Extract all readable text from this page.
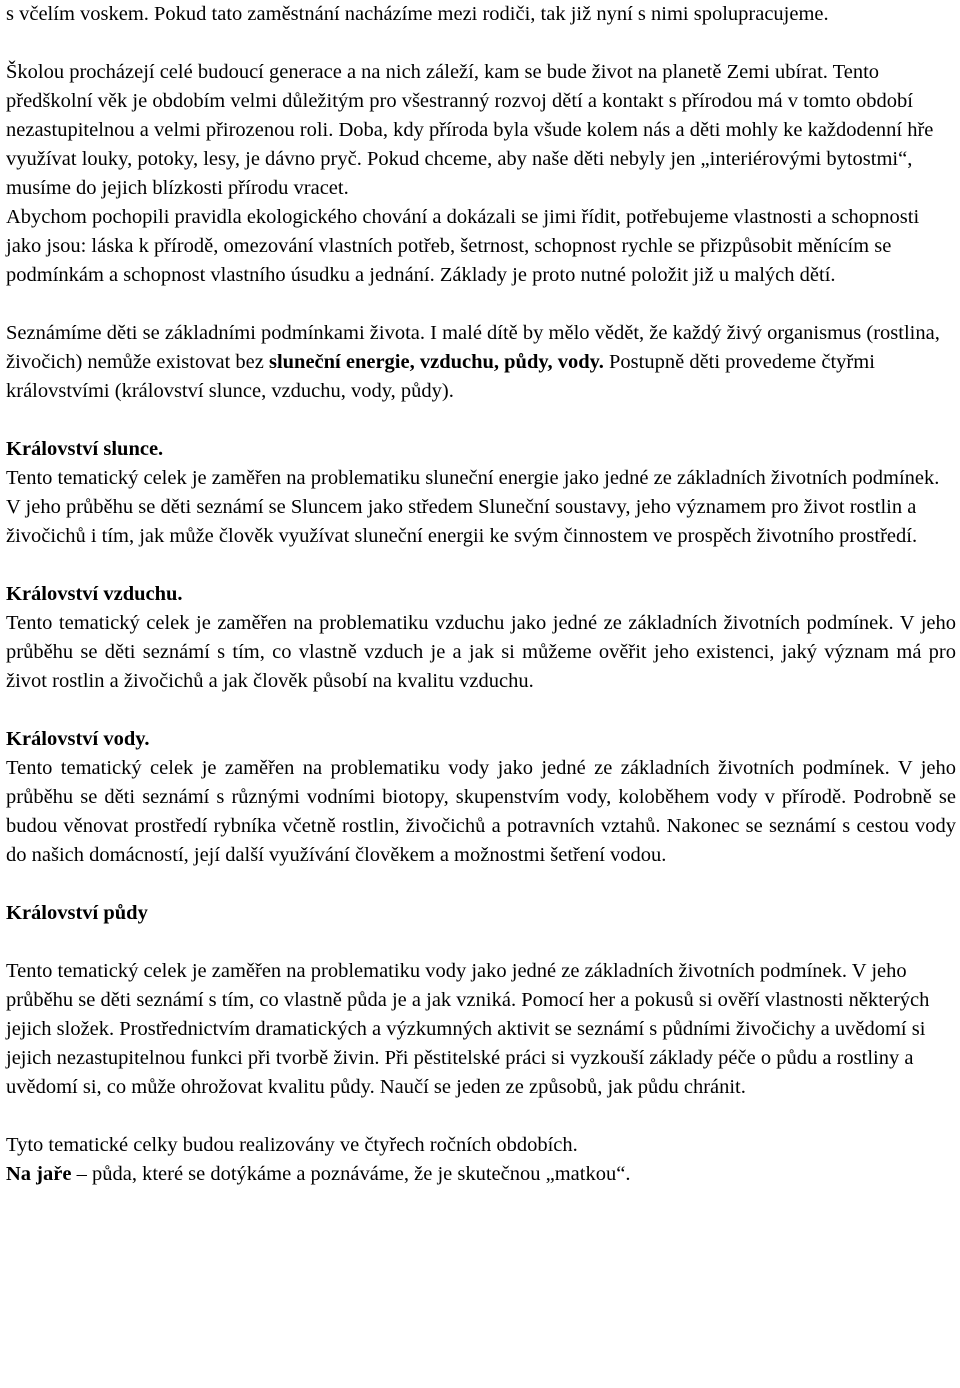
s včelím voskem. Pokud tato zaměstnání nacházíme mezi rodiči, tak již nyní s nimi spolupracujeme.

Školou procházejí celé budoucí generace a na nich záleží, kam se bude život na planetě Zemi ubírat. Tento předškolní věk je obdobím velmi důležitým pro všestranný rozvoj dětí a kontakt s přírodou má v tomto období nezastupitelnou a velmi přirozenou roli. Doba, kdy příroda byla všude kolem nás a děti mohly ke každodenní hře využívat louky, potoky, lesy, je dávno pryč. Pokud chceme, aby naše děti nebyly jen „interiérovými bytostmi“, musíme do jejich blízkosti přírodu vracet.

Abychom pochopili pravidla ekologického chování a dokázali se jimi řídit, potřebujeme vlastnosti a schopnosti jako jsou: láska k přírodě, omezování vlastních potřeb, šetrnost, schopnost rychle se přizpůsobit měnícím se podmínkám a schopnost vlastního úsudku a jednání. Základy je proto nutné položit již u malých dětí.

Seznámíme děti se základními podmínkami života. I malé dítě by mělo vědět, že každý živý organismus (rostlina, živočich) nemůže existovat bez sluneční energie, vzduchu, půdy, vody. Postupně děti provedeme čtyřmi královstvími (království slunce, vzduchu, vody, půdy).

Království slunce.

Tento tematický celek je zaměřen na problematiku sluneční energie jako jedné ze základních životních podmínek. V jeho průběhu se děti seznámí se Sluncem jako středem Sluneční soustavy, jeho významem pro život rostlin a živočichů i tím, jak může člověk využívat sluneční energii ke svým činnostem ve prospěch životního prostředí.

Království vzduchu.

Tento tematický celek je zaměřen na problematiku vzduchu jako jedné ze základních životních podmínek. V jeho průběhu se děti seznámí s tím, co vlastně vzduch je a jak si můžeme ověřit jeho existenci, jaký význam má pro život rostlin a živočichů a jak člověk působí na kvalitu vzduchu.

Království vody.

Tento tematický celek je zaměřen na problematiku vody jako jedné ze základních životních podmínek. V jeho průběhu se děti seznámí s různými vodními biotopy, skupenstvím vody, koloběhem vody v přírodě. Podrobně se budou věnovat prostředí rybníka včetně rostlin, živočichů a potravních vztahů. Nakonec se seznámí s cestou vody do našich domácností, její další využívání člověkem a možnostmi šetření vodou.

Království půdy

Tento tematický celek je zaměřen na problematiku vody jako jedné ze základních životních podmínek. V jeho průběhu se děti seznámí s tím, co vlastně půda je a jak vzniká. Pomocí her a pokusů si ověří vlastnosti některých jejich složek. Prostřednictvím dramatických a výzkumných aktivit se seznámí s půdními živočichy a uvědomí si jejich nezastupitelnou funkci při tvorbě živin. Při pěstitelské práci si vyzkouší základy péče o půdu a rostliny a uvědomí si, co může ohrožovat kvalitu půdy. Naučí se jeden ze způsobů, jak půdu chránit.

Tyto tematické celky budou realizovány ve čtyřech ročních obdobích.

Na jaře – půda, které se dotýkáme a poznáváme, že je skutečnou „matkou“.
